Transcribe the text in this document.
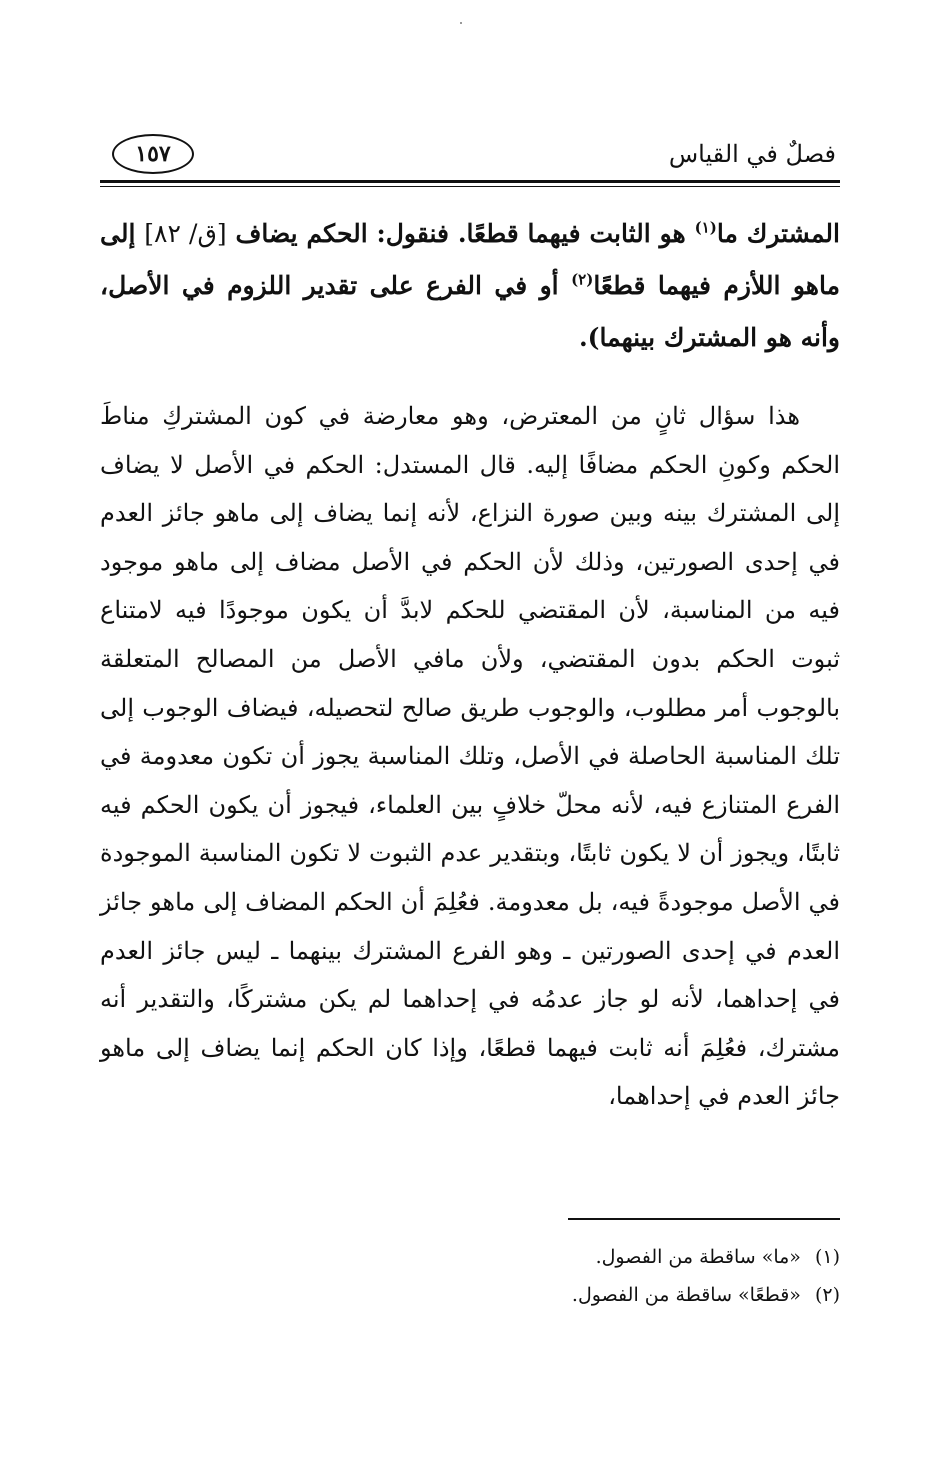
فصلٌ في القياس
١٥٧
المشترك ما$^{(١)}$ هو الثابت فيهما قطعًا. فنقول: الحكم يضاف [ق/ ٨٢] إلى ماهو اللأزم فيهما قطعًا$^{(٢)}$ أو في الفرع على تقدير اللزوم في الأصل، وأنه هو المشترك بينهما).
هذا سؤال ثانٍ من المعترض، وهو معارضة في كون المشتركِ مناطَ الحكم وكونِ الحكم مضافًا إليه. قال المستدل: الحكم في الأصل لا يضاف إلى المشترك بينه وبين صورة النزاع، لأنه إنما يضاف إلى ماهو جائز العدم في إحدى الصورتين، وذلك لأن الحكم في الأصل مضاف إلى ماهو موجود فيه من المناسبة، لأن المقتضي للحكم لابدَّ أن يكون موجودًا فيه لامتناع ثبوت الحكم بدون المقتضي، ولأن مافي الأصل من المصالح المتعلقة بالوجوب أمر مطلوب، والوجوب طريق صالح لتحصيله، فيضاف الوجوب إلى تلك المناسبة الحاصلة في الأصل، وتلك المناسبة يجوز أن تكون معدومة في الفرع المتنازع فيه، لأنه محلّ خلافٍ بين العلماء، فيجوز أن يكون الحكم فيه ثابتًا، ويجوز أن لا يكون ثابتًا، وبتقدير عدم الثبوت لا تكون المناسبة الموجودة في الأصل موجودةً فيه، بل معدومة. فعُلِمَ أن الحكم المضاف إلى ماهو جائز العدم في إحدى الصورتين ـ وهو الفرع المشترك بينهما ـ ليس جائز العدم في إحداهما، لأنه لو جاز عدمُه في إحداهما لم يكن مشتركًا، والتقدير أنه مشترك، فعُلِمَ أنه ثابت فيهما قطعًا، وإذا كان الحكم إنما يضاف إلى ماهو جائز العدم في إحداهما،
(١)«ما» ساقطة من الفصول.
(٢)«قطعًا» ساقطة من الفصول.
